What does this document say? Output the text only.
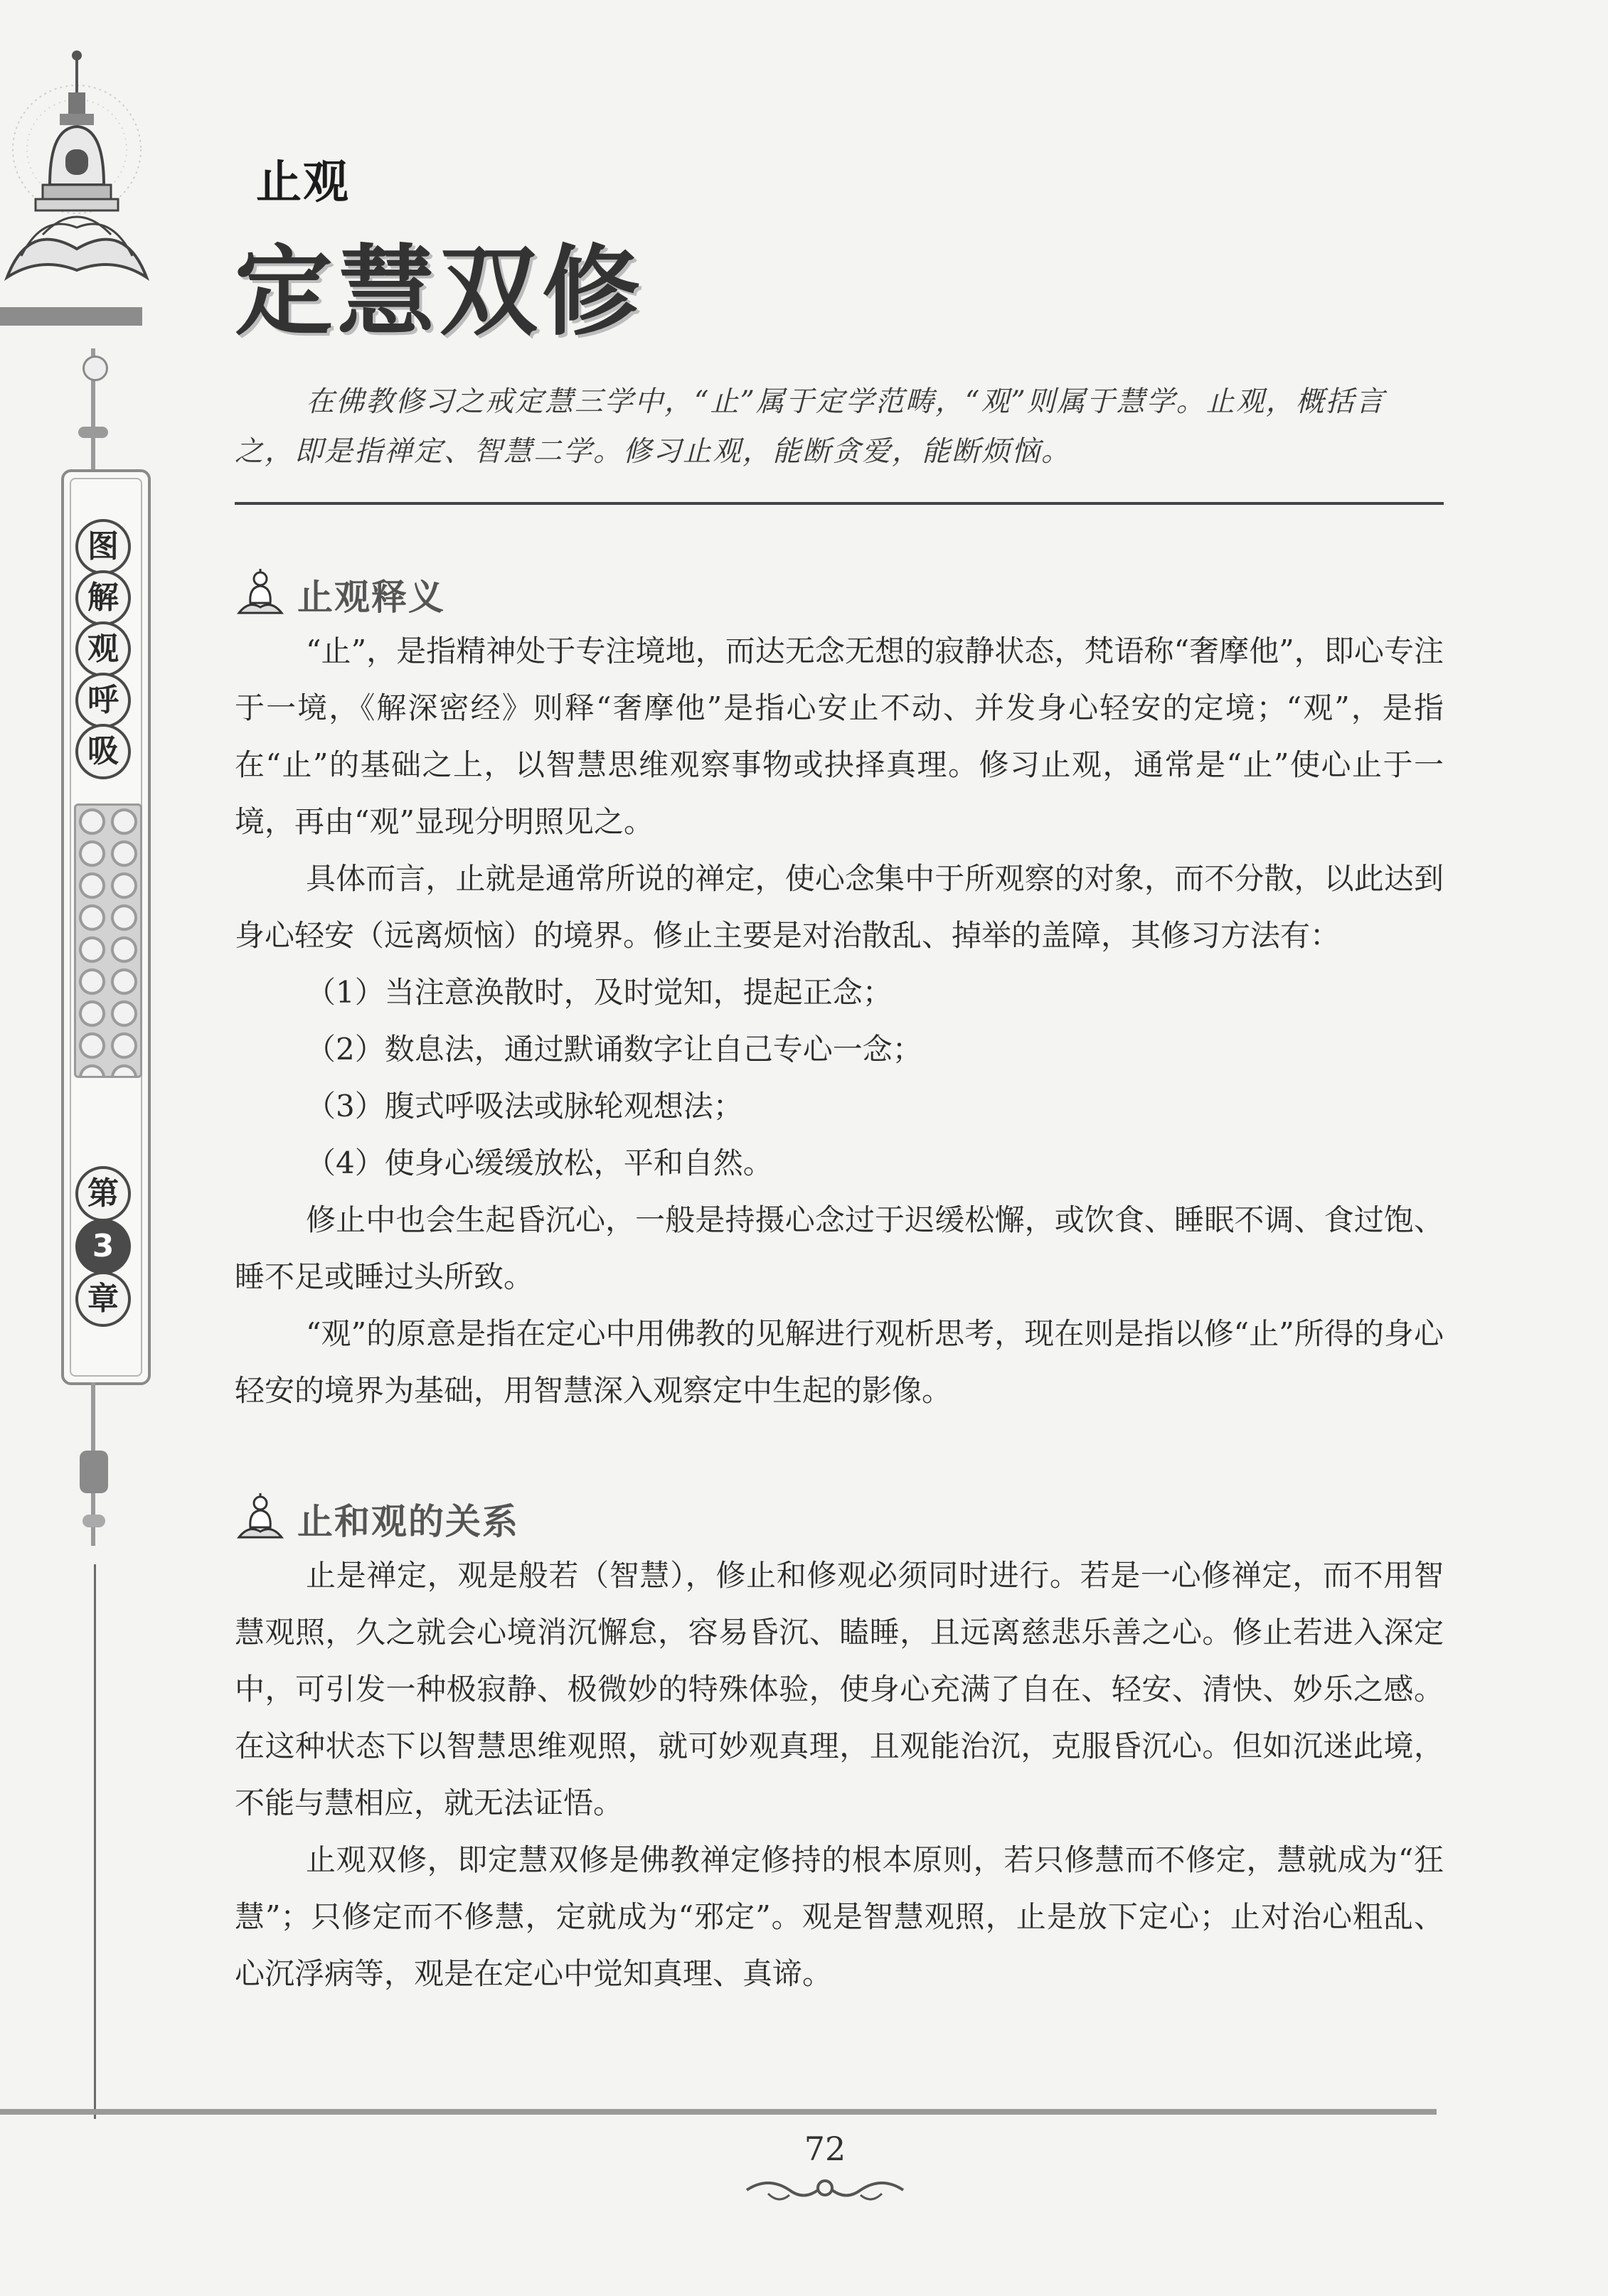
图
解
观
呼
吸
第
3
章
止观
定慧双修
在佛教修习之戒定慧三学中，“止”属于定学范畴，“观”则属于慧学。止观，概括言之，即是指禅定、智慧二学。修习止观，能断贪爱，能断烦恼。
止观释义

“止”，是指精神处于专注境地，而达无念无想的寂静状态，梵语称“奢摩他”，即心专注于一境，《解深密经》则释“奢摩他”是指心安止不动、并发身心轻安的定境；“观”，是指在“止”的基础之上，以智慧思维观察事物或抉择真理。修习止观，通常是“止”使心止于一境，再由“观”显现分明照见之。

具体而言，止就是通常所说的禅定，使心念集中于所观察的对象，而不分散，以此达到身心轻安（远离烦恼）的境界。修止主要是对治散乱、掉举的盖障，其修习方法有：

（1）当注意涣散时，及时觉知，提起正念；

（2）数息法，通过默诵数字让自己专心一念；

（3）腹式呼吸法或脉轮观想法；

（4）使身心缓缓放松，平和自然。

修止中也会生起昏沉心，一般是持摄心念过于迟缓松懈，或饮食、睡眠不调、食过饱、睡不足或睡过头所致。

“观”的原意是指在定心中用佛教的见解进行观析思考，现在则是指以修“止”所得的身心轻安的境界为基础，用智慧深入观察定中生起的影像。

止和观的关系

止是禅定，观是般若（智慧），修止和修观必须同时进行。若是一心修禅定，而不用智慧观照，久之就会心境消沉懈怠，容易昏沉、瞌睡，且远离慈悲乐善之心。修止若进入深定中，可引发一种极寂静、极微妙的特殊体验，使身心充满了自在、轻安、清快、妙乐之感。在这种状态下以智慧思维观照，就可妙观真理，且观能治沉，克服昏沉心。但如沉迷此境，不能与慧相应，就无法证悟。

止观双修，即定慧双修是佛教禅定修持的根本原则，若只修慧而不修定，慧就成为“狂慧”；只修定而不修慧，定就成为“邪定”。观是智慧观照，止是放下定心；止对治心粗乱、心沉浮病等，观是在定心中觉知真理、真谛。

72
